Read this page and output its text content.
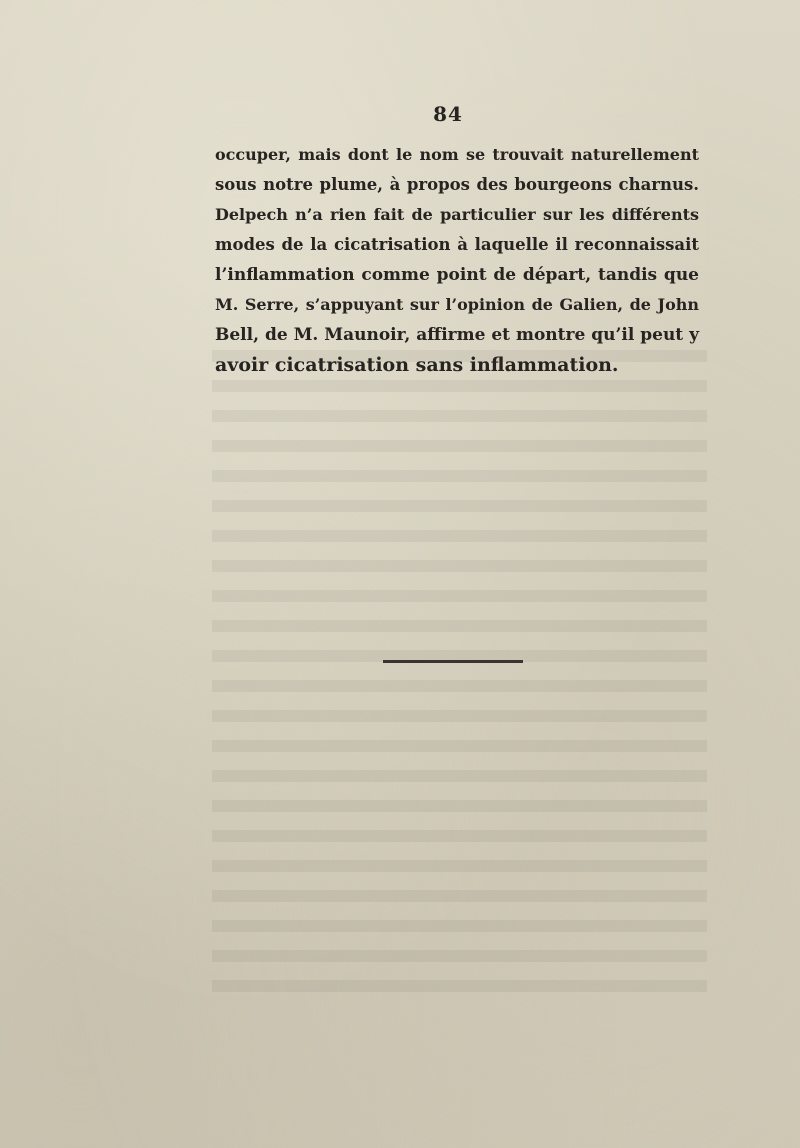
84
occuper, mais dont le nom se trouvait naturellement
sous notre plume, à propos des bourgeons charnus.
Delpech n’a rien fait de particulier sur les différents
modes de la cicatrisation à laquelle il reconnaissait
l’inflammation comme point de départ, tandis que
M. Serre, s’appuyant sur l’opinion de Galien, de John
Bell, de M. Maunoir, affirme et montre qu’il peut y
avoir cicatrisation sans inflammation.
